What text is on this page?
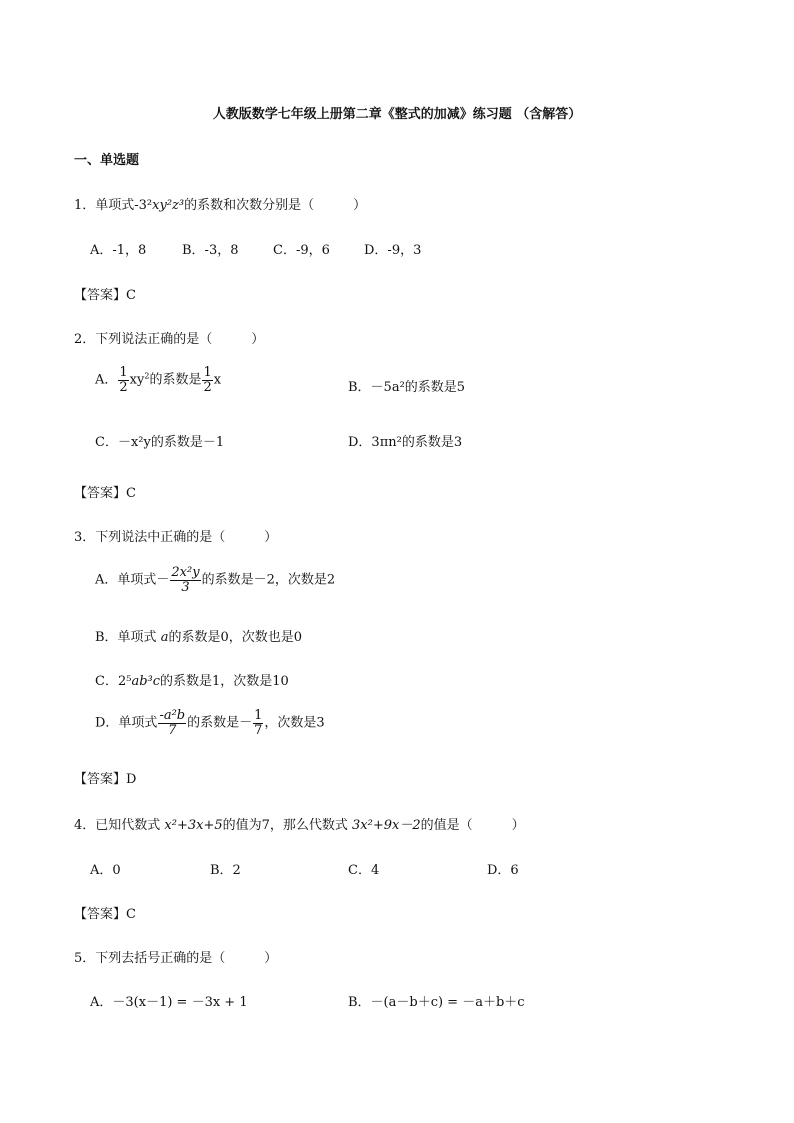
人教版数学七年级上册第二章《整式的加减》练习题 （含解答）
一、单选题
1．单项式-3²xy²z³的系数和次数分别是（　　　）
A．-1，8	B．-3，8	C．-9，6	D．-9，3
【答案】C
2．下列说法正确的是（　　　）
A． $\frac{1}{2} xy^2$的系数是 $\frac{1}{2}$ x	B．－5a²的系数是5
C．－x²y的系数是－1	D．3πn²的系数是3
【答案】C
3．下列说法中正确的是（　　　）
A．单项式－ $\frac{\text{2x²y}}{3}$ 的系数是－2，次数是2
B．单项式 a的系数是0，次数也是0
C．2⁵ab³c的系数是1，次数是10
D．单项式 $\frac{\text{-a²b}}{7}$ 的系数是－ $\frac{1}{7}$ ，次数是3
【答案】D
4．已知代数式 x²+3x+5的值为7，那么代数式 3x²+9x－2的值是（　　　）
A．0	B．2	C．4	D．6
【答案】C
5．下列去括号正确的是（　　　）
A．－3(x－1) = －3x + 1	B．－(a－b＋c) = －a＋b＋c
